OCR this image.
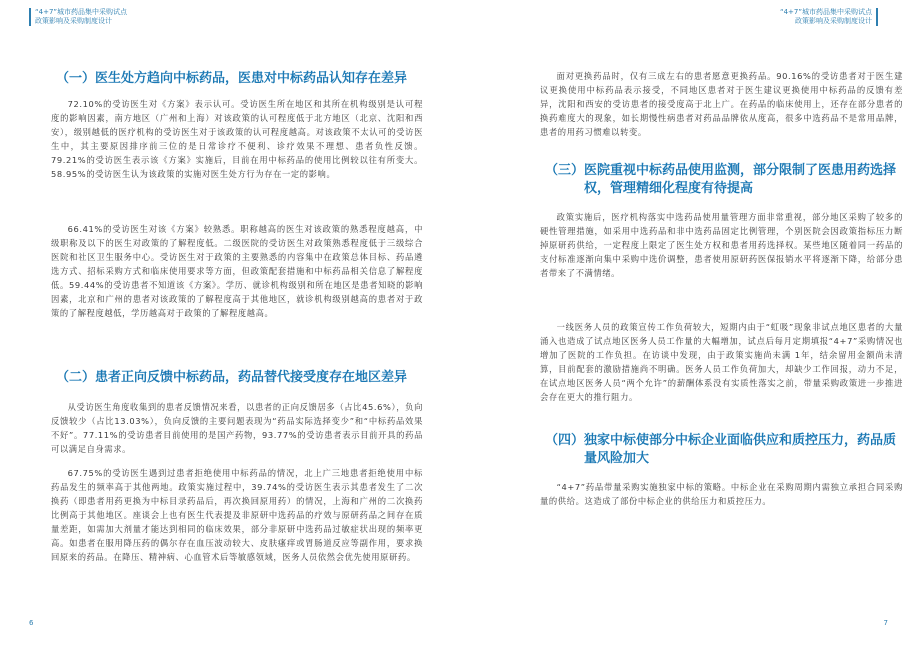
“4+7”城市药品集中采购试点
政策影响及采购制度设计
（一） 医生处方趋向中标药品，医患对中标药品认知存在差异

72.10%的受访医生对《方案》表示认可。受访医生所在地区和其所在机构级别是认可程度的影响因素，南方地区（广州和上海）对该政策的认可程度低于北方地区（北京、沈阳和西安），级别越低的医疗机构的受访医生对于该政策的认可程度越高。对该政策不太认可的受访医生中，其主要原因排序前三位的是日常诊疗不便利、诊疗效果不理想、患者负性反馈。79.21%的受访医生表示该《方案》实施后，目前在用中标药品的使用比例较以往有所变大。58.95%的受访医生认为该政策的实施对医生处方行为存在一定的影响。

66.41%的受访医生对该《方案》较熟悉。职称越高的医生对该政策的熟悉程度越高，中级职称及以下的医生对政策的了解程度低。二级医院的受访医生对政策熟悉程度低于三级综合医院和社区卫生服务中心。受访医生对于政策的主要熟悉的内容集中在政策总体目标、药品遴选方式、招标采购方式和临床使用要求等方面，但政策配套措施和中标药品相关信息了解程度低。59.44%的受访患者不知道该《方案》。学历、就诊机构级别和所在地区是患者知晓的影响因素，北京和广州的患者对该政策的了解程度高于其他地区，就诊机构级别越高的患者对于政策的了解程度越低，学历越高对于政策的了解程度越高。

（二） 患者正向反馈中标药品，药品替代接受度存在地区差异

从受访医生角度收集到的患者反馈情况来看，以患者的正向反馈居多（占比45.6%），负向反馈较少（占比13.03%），负向反馈的主要问题表现为“药品实际选择变少”和“中标药品效果不好”。77.11%的受访患者目前使用的是国产药物，93.77%的受访患者表示目前开具的药品可以满足自身需求。

67.75%的受访医生遇到过患者拒绝使用中标药品的情况，北上广三地患者拒绝使用中标药品发生的频率高于其他两地。政策实施过程中，39.74%的受访医生表示其患者发生了二次换药（即患者用药更换为中标目录药品后，再次换回原用药）的情况，上海和广州的二次换药比例高于其他地区。座谈会上也有医生代表提及非原研中选药品的疗效与原研药品之间存在质量差距，如需加大剂量才能达到相同的临床效果，部分非原研中选药品过敏症状出现的频率更高。如患者在服用降压药的偶尔存在血压波动较大、皮肤瘙痒或胃肠道反应等副作用，要求换回原来的药品。在降压、精神病、心血管术后等敏感领域，医务人员依然会优先使用原研药。

6
“4+7”城市药品集中采购试点
政策影响及采购制度设计

面对更换药品时，仅有三成左右的患者愿意更换药品。90.16%的受访患者对于医生建议更换使用中标药品表示接受，不同地区患者对于医生建议更换使用中标药品的反馈有差异，沈阳和西安的受访患者的接受度高于北上广。在药品的临床使用上，还存在部分患者的换药难度大的现象，如长期慢性病患者对药品品牌依从度高，很多中选药品不是常用品牌，患者的用药习惯难以转变。

（三） 医院重视中标药品使用监测，部分限制了医患用药选择权，管理精细化程度有待提高

政策实施后，医疗机构落实中选药品使用量管理方面非常重视，部分地区采购了较多的硬性管理措施，如采用中选药品和非中选药品固定比例管理，个别医院会因政策指标压力断掉原研药供给，一定程度上限定了医生处方权和患者用药选择权。某些地区随着同一药品的支付标准逐渐向集中采购中选价调整，患者使用原研药医保报销水平将逐渐下降，给部分患者带来了不满情绪。

一线医务人员的政策宣传工作负荷较大，短期内由于“虹吸”现象非试点地区患者的大量涌入也造成了试点地区医务人员工作量的大幅增加，试点后每月定期填报“4+7”采购情况也增加了医院的工作负担。在访谈中发现，由于政策实施尚未满 1年，结余留用金额尚未清算，目前配套的激励措施尚不明确。医务人员工作负荷加大，却缺少工作回报，动力不足，在试点地区医务人员“两个允许”的薪酬体系没有实质性落实之前，带量采购政策进一步推进会存在更大的推行阻力。

（四） 独家中标使部分中标企业面临供应和质控压力，药品质量风险加大

“4+7”药品带量采购实施独家中标的策略。中标企业在采购周期内需独立承担合同采购量的供给。这造成了部份中标企业的供给压力和质控压力。

7
